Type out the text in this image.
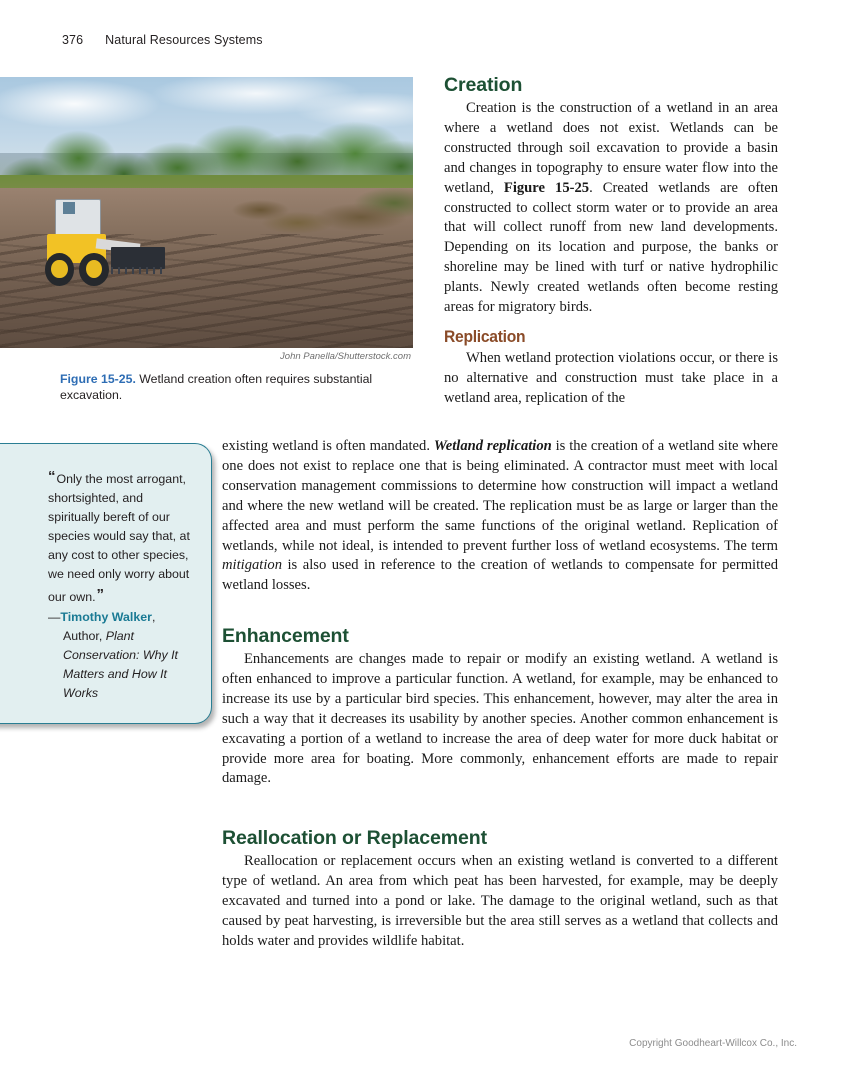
376 Natural Resources Systems
John Panella/Shutterstock.com
Figure 15-25. Wetland creation often requires substantial excavation.
“Only the most arrogant, shortsighted, and spiritually bereft of our species would say that, at any cost to other species, we need only worry about our own.”
—Timothy Walker,
Author, Plant Conservation: Why It Matters and How It Works
Creation

Creation is the construction of a wetland in an area where a wetland does not exist. Wetlands can be constructed through soil excavation to provide a basin and changes in topography to ensure water flow into the wetland, Figure 15-25. Created wetlands are often constructed to collect storm water or to provide an area that will collect runoff from new land developments. Depending on its location and purpose, the banks or shoreline may be lined with turf or native hydrophilic plants. Newly created wetlands often become resting areas for migratory birds.

Replication

When wetland protection violations occur, or there is no alternative and construction must take place in a wetland area, replication of the

existing wetland is often mandated. Wetland replication is the creation of a wetland site where one does not exist to replace one that is being eliminated. A contractor must meet with local conservation management commissions to determine how construction will impact a wetland and where the new wetland will be created. The replication must be as large or larger than the affected area and must perform the same functions of the original wetland. Replication of wetlands, while not ideal, is intended to prevent further loss of wetland ecosystems. The term mitigation is also used in reference to the creation of wetlands to compensate for permitted wetland losses.

Enhancement

Enhancements are changes made to repair or modify an existing wetland. A wetland is often enhanced to improve a particular function. A wetland, for example, may be enhanced to increase its use by a particular bird species. This enhancement, however, may alter the area in such a way that it decreases its usability by another species. Another common enhancement is excavating a portion of a wetland to increase the area of deep water for more duck habitat or provide more area for boating. More commonly, enhancement efforts are made to repair damage.

Reallocation or Replacement

Reallocation or replacement occurs when an existing wetland is converted to a different type of wetland. An area from which peat has been harvested, for example, may be deeply excavated and turned into a pond or lake. The damage to the original wetland, such as that caused by peat harvesting, is irreversible but the area still serves as a wetland that collects and holds water and provides wildlife habitat.

Copyright Goodheart-Willcox Co., Inc.
